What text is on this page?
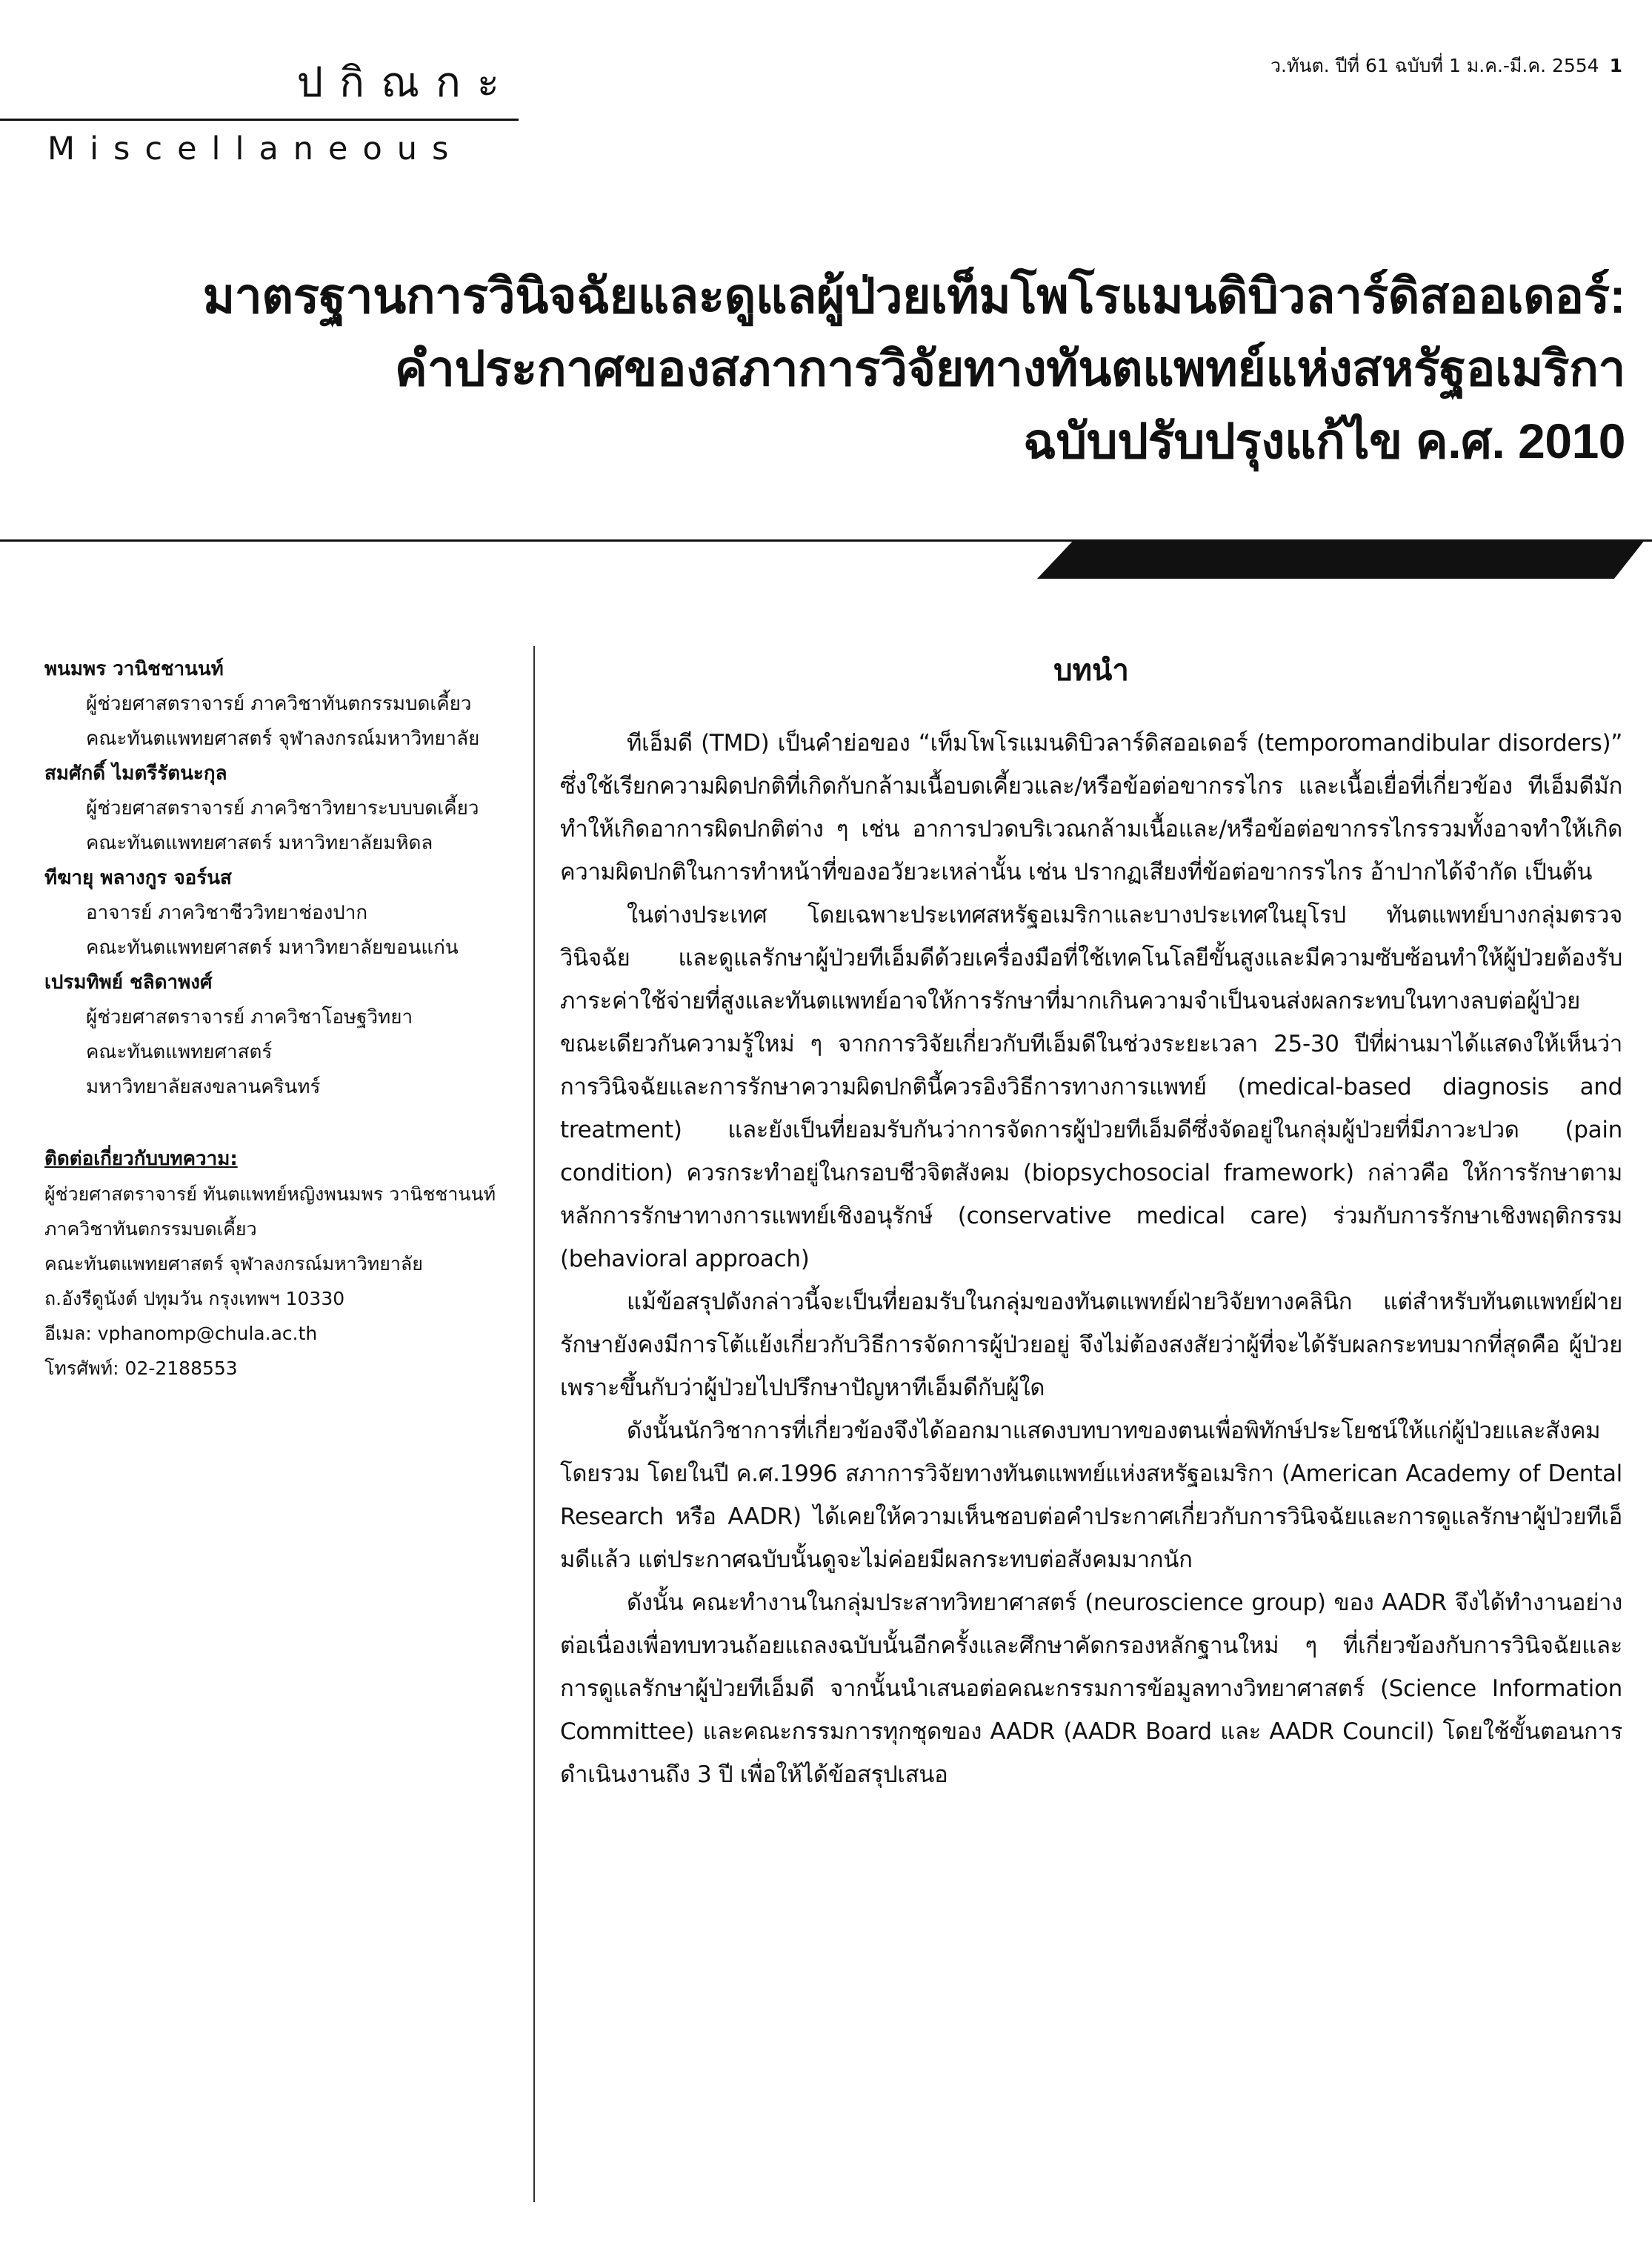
ปกิณกะ
Miscellaneous
ว.ทันต. ปีที่ 61 ฉบับที่ 1 ม.ค.-มี.ค. 2554 1
มาตรฐานการวินิจฉัยและดูแลผู้ป่วยเท็มโพโรแมนดิบิวลาร์ดิสออเดอร์:
คำประกาศของสภาการวิจัยทางทันตแพทย์แห่งสหรัฐอเมริกา
ฉบับปรับปรุงแก้ไข ค.ศ. 2010
พนมพร วานิชชานนท์
ผู้ช่วยศาสตราจารย์ ภาควิชาทันตกรรมบดเคี้ยว
คณะทันตแพทยศาสตร์ จุฬาลงกรณ์มหาวิทยาลัย
สมศักดิ์ ไมตรีรัตนะกุล
ผู้ช่วยศาสตราจารย์ ภาควิชาวิทยาระบบบดเคี้ยว
คณะทันตแพทยศาสตร์ มหาวิทยาลัยมหิดล
ทีฆายุ พลางกูร จอร์นส
อาจารย์ ภาควิชาชีววิทยาช่องปาก
คณะทันตแพทยศาสตร์ มหาวิทยาลัยขอนแก่น
เปรมทิพย์ ชลิดาพงศ์
ผู้ช่วยศาสตราจารย์ ภาควิชาโอษฐวิทยา
คณะทันตแพทยศาสตร์
มหาวิทยาลัยสงขลานครินทร์
ติดต่อเกี่ยวกับบทความ:
ผู้ช่วยศาสตราจารย์ ทันตแพทย์หญิงพนมพร วานิชชานนท์
ภาควิชาทันตกรรมบดเคี้ยว
คณะทันตแพทยศาสตร์ จุฬาลงกรณ์มหาวิทยาลัย
ถ.อังรีดูนังต์ ปทุมวัน กรุงเทพฯ 10330
อีเมล: vphanomp@chula.ac.th
โทรศัพท์: 02-2188553
บทนำ

ทีเอ็มดี (TMD) เป็นคำย่อของ “เท็มโพโรแมนดิบิวลาร์ดิสออเดอร์ (temporomandibular disorders)” ซึ่งใช้เรียกความผิดปกติที่เกิดกับกล้ามเนื้อบดเคี้ยวและ/หรือข้อต่อขากรรไกร และเนื้อเยื่อที่เกี่ยวข้อง ทีเอ็มดีมักทำให้เกิดอาการผิดปกติต่าง ๆ เช่น อาการปวดบริเวณกล้ามเนื้อและ/หรือข้อต่อขากรรไกรรวมทั้งอาจทำให้เกิดความผิดปกติในการทำหน้าที่ของอวัยวะเหล่านั้น เช่น ปรากฏเสียงที่ข้อต่อขากรรไกร อ้าปากได้จำกัด เป็นต้น

ในต่างประเทศ โดยเฉพาะประเทศสหรัฐอเมริกาและบางประเทศในยุโรป ทันตแพทย์บางกลุ่มตรวจ วินิจฉัย และดูแลรักษาผู้ป่วยทีเอ็มดีด้วยเครื่องมือที่ใช้เทคโนโลยีขั้นสูงและมีความซับซ้อนทำให้ผู้ป่วยต้องรับภาระค่าใช้จ่ายที่สูงและทันตแพทย์อาจให้การรักษาที่มากเกินความจำเป็นจนส่งผลกระทบในทางลบต่อผู้ป่วย ขณะเดียวกันความรู้ใหม่ ๆ จากการวิจัยเกี่ยวกับทีเอ็มดีในช่วงระยะเวลา 25-30 ปีที่ผ่านมาได้แสดงให้เห็นว่า การวินิจฉัยและการรักษาความผิดปกตินี้ควรอิงวิธีการทางการแพทย์ (medical-based diagnosis and treatment) และยังเป็นที่ยอมรับกันว่าการจัดการผู้ป่วยทีเอ็มดีซึ่งจัดอยู่ในกลุ่มผู้ป่วยที่มีภาวะปวด (pain condition) ควรกระทำอยู่ในกรอบชีวจิตสังคม (biopsychosocial framework) กล่าวคือ ให้การรักษาตามหลักการรักษาทางการแพทย์เชิงอนุรักษ์ (conservative medical care) ร่วมกับการรักษาเชิงพฤติกรรม (behavioral approach)

แม้ข้อสรุปดังกล่าวนี้จะเป็นที่ยอมรับในกลุ่มของทันตแพทย์ฝ่ายวิจัยทางคลินิก แต่สำหรับทันตแพทย์ฝ่ายรักษายังคงมีการโต้แย้งเกี่ยวกับวิธีการจัดการผู้ป่วยอยู่ จึงไม่ต้องสงสัยว่าผู้ที่จะได้รับผลกระทบมากที่สุดคือ ผู้ป่วยเพราะขึ้นกับว่าผู้ป่วยไปปรึกษาปัญหาทีเอ็มดีกับผู้ใด

ดังนั้นนักวิชาการที่เกี่ยวข้องจึงได้ออกมาแสดงบทบาทของตนเพื่อพิทักษ์ประโยชน์ให้แก่ผู้ป่วยและสังคมโดยรวม โดยในปี ค.ศ.1996 สภาการวิจัยทางทันตแพทย์แห่งสหรัฐอเมริกา (American Academy of Dental Research หรือ AADR) ได้เคยให้ความเห็นชอบต่อคำประกาศเกี่ยวกับการวินิจฉัยและการดูแลรักษาผู้ป่วยทีเอ็มดีแล้ว แต่ประกาศฉบับนั้นดูจะไม่ค่อยมีผลกระทบต่อสังคมมากนัก

ดังนั้น คณะทำงานในกลุ่มประสาทวิทยาศาสตร์ (neuroscience group) ของ AADR จึงได้ทำงานอย่างต่อเนื่องเพื่อทบทวนถ้อยแถลงฉบับนั้นอีกครั้งและศึกษาคัดกรองหลักฐานใหม่ ๆ ที่เกี่ยวข้องกับการวินิจฉัยและการดูแลรักษาผู้ป่วยทีเอ็มดี จากนั้นนำเสนอต่อคณะกรรมการข้อมูลทางวิทยาศาสตร์ (Science Information Committee) และคณะกรรมการทุกชุดของ AADR (AADR Board และ AADR Council) โดยใช้ขั้นตอนการดำเนินงานถึง 3 ปี เพื่อให้ได้ข้อสรุปเสนอ
